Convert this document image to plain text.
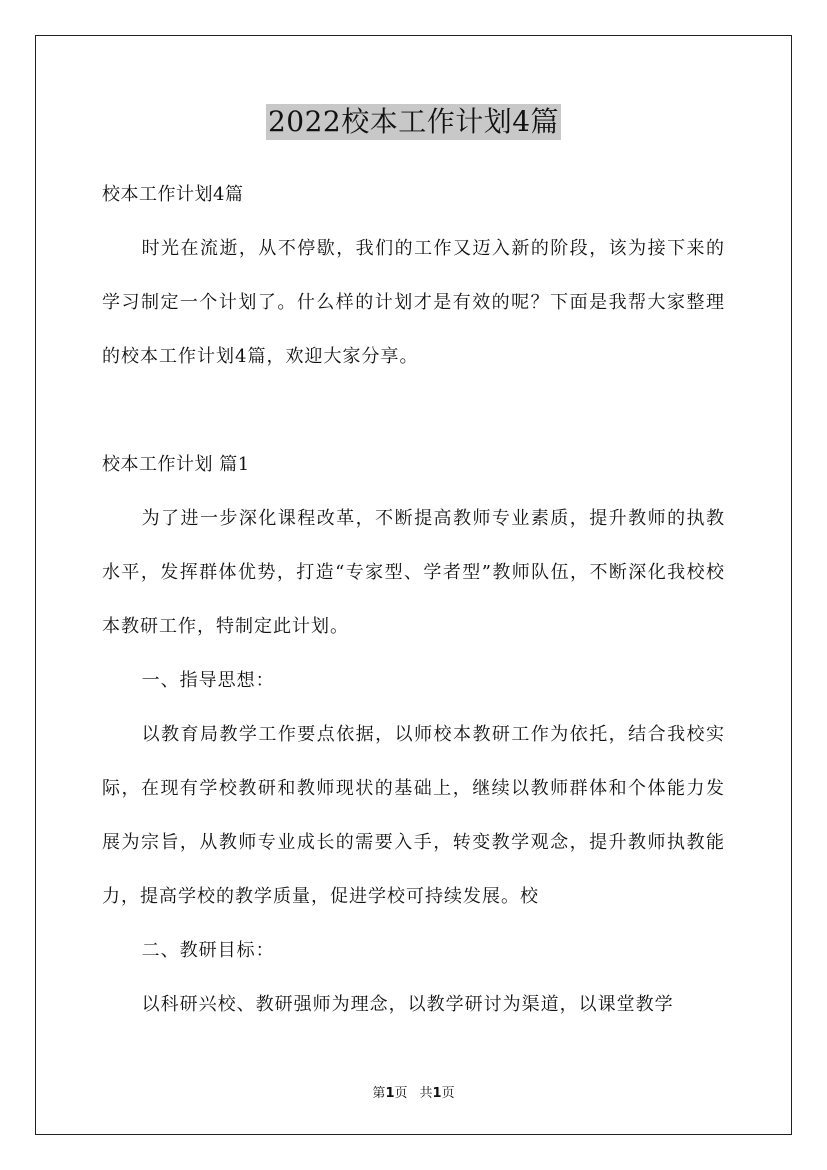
2022校本工作计划4篇

校本工作计划4篇

时光在流逝，从不停歇，我们的工作又迈入新的阶段，该为接下来的学习制定一个计划了。什么样的计划才是有效的呢？下面是我帮大家整理的校本工作计划4篇，欢迎大家分享。

校本工作计划 篇1

为了进一步深化课程改革，不断提高教师专业素质，提升教师的执教水平，发挥群体优势，打造“专家型、学者型”教师队伍，不断深化我校校本教研工作，特制定此计划。

一、指导思想：

以教育局教学工作要点依据，以师校本教研工作为依托，结合我校实际，在现有学校教研和教师现状的基础上，继续以教师群体和个体能力发展为宗旨，从教师专业成长的需要入手，转变教学观念，提升教师执教能力，提高学校的教学质量，促进学校可持续发展。校

二、教研目标：

以科研兴校、教研强师为理念，以教学研讨为渠道，以课堂教学

第1页 共1页
